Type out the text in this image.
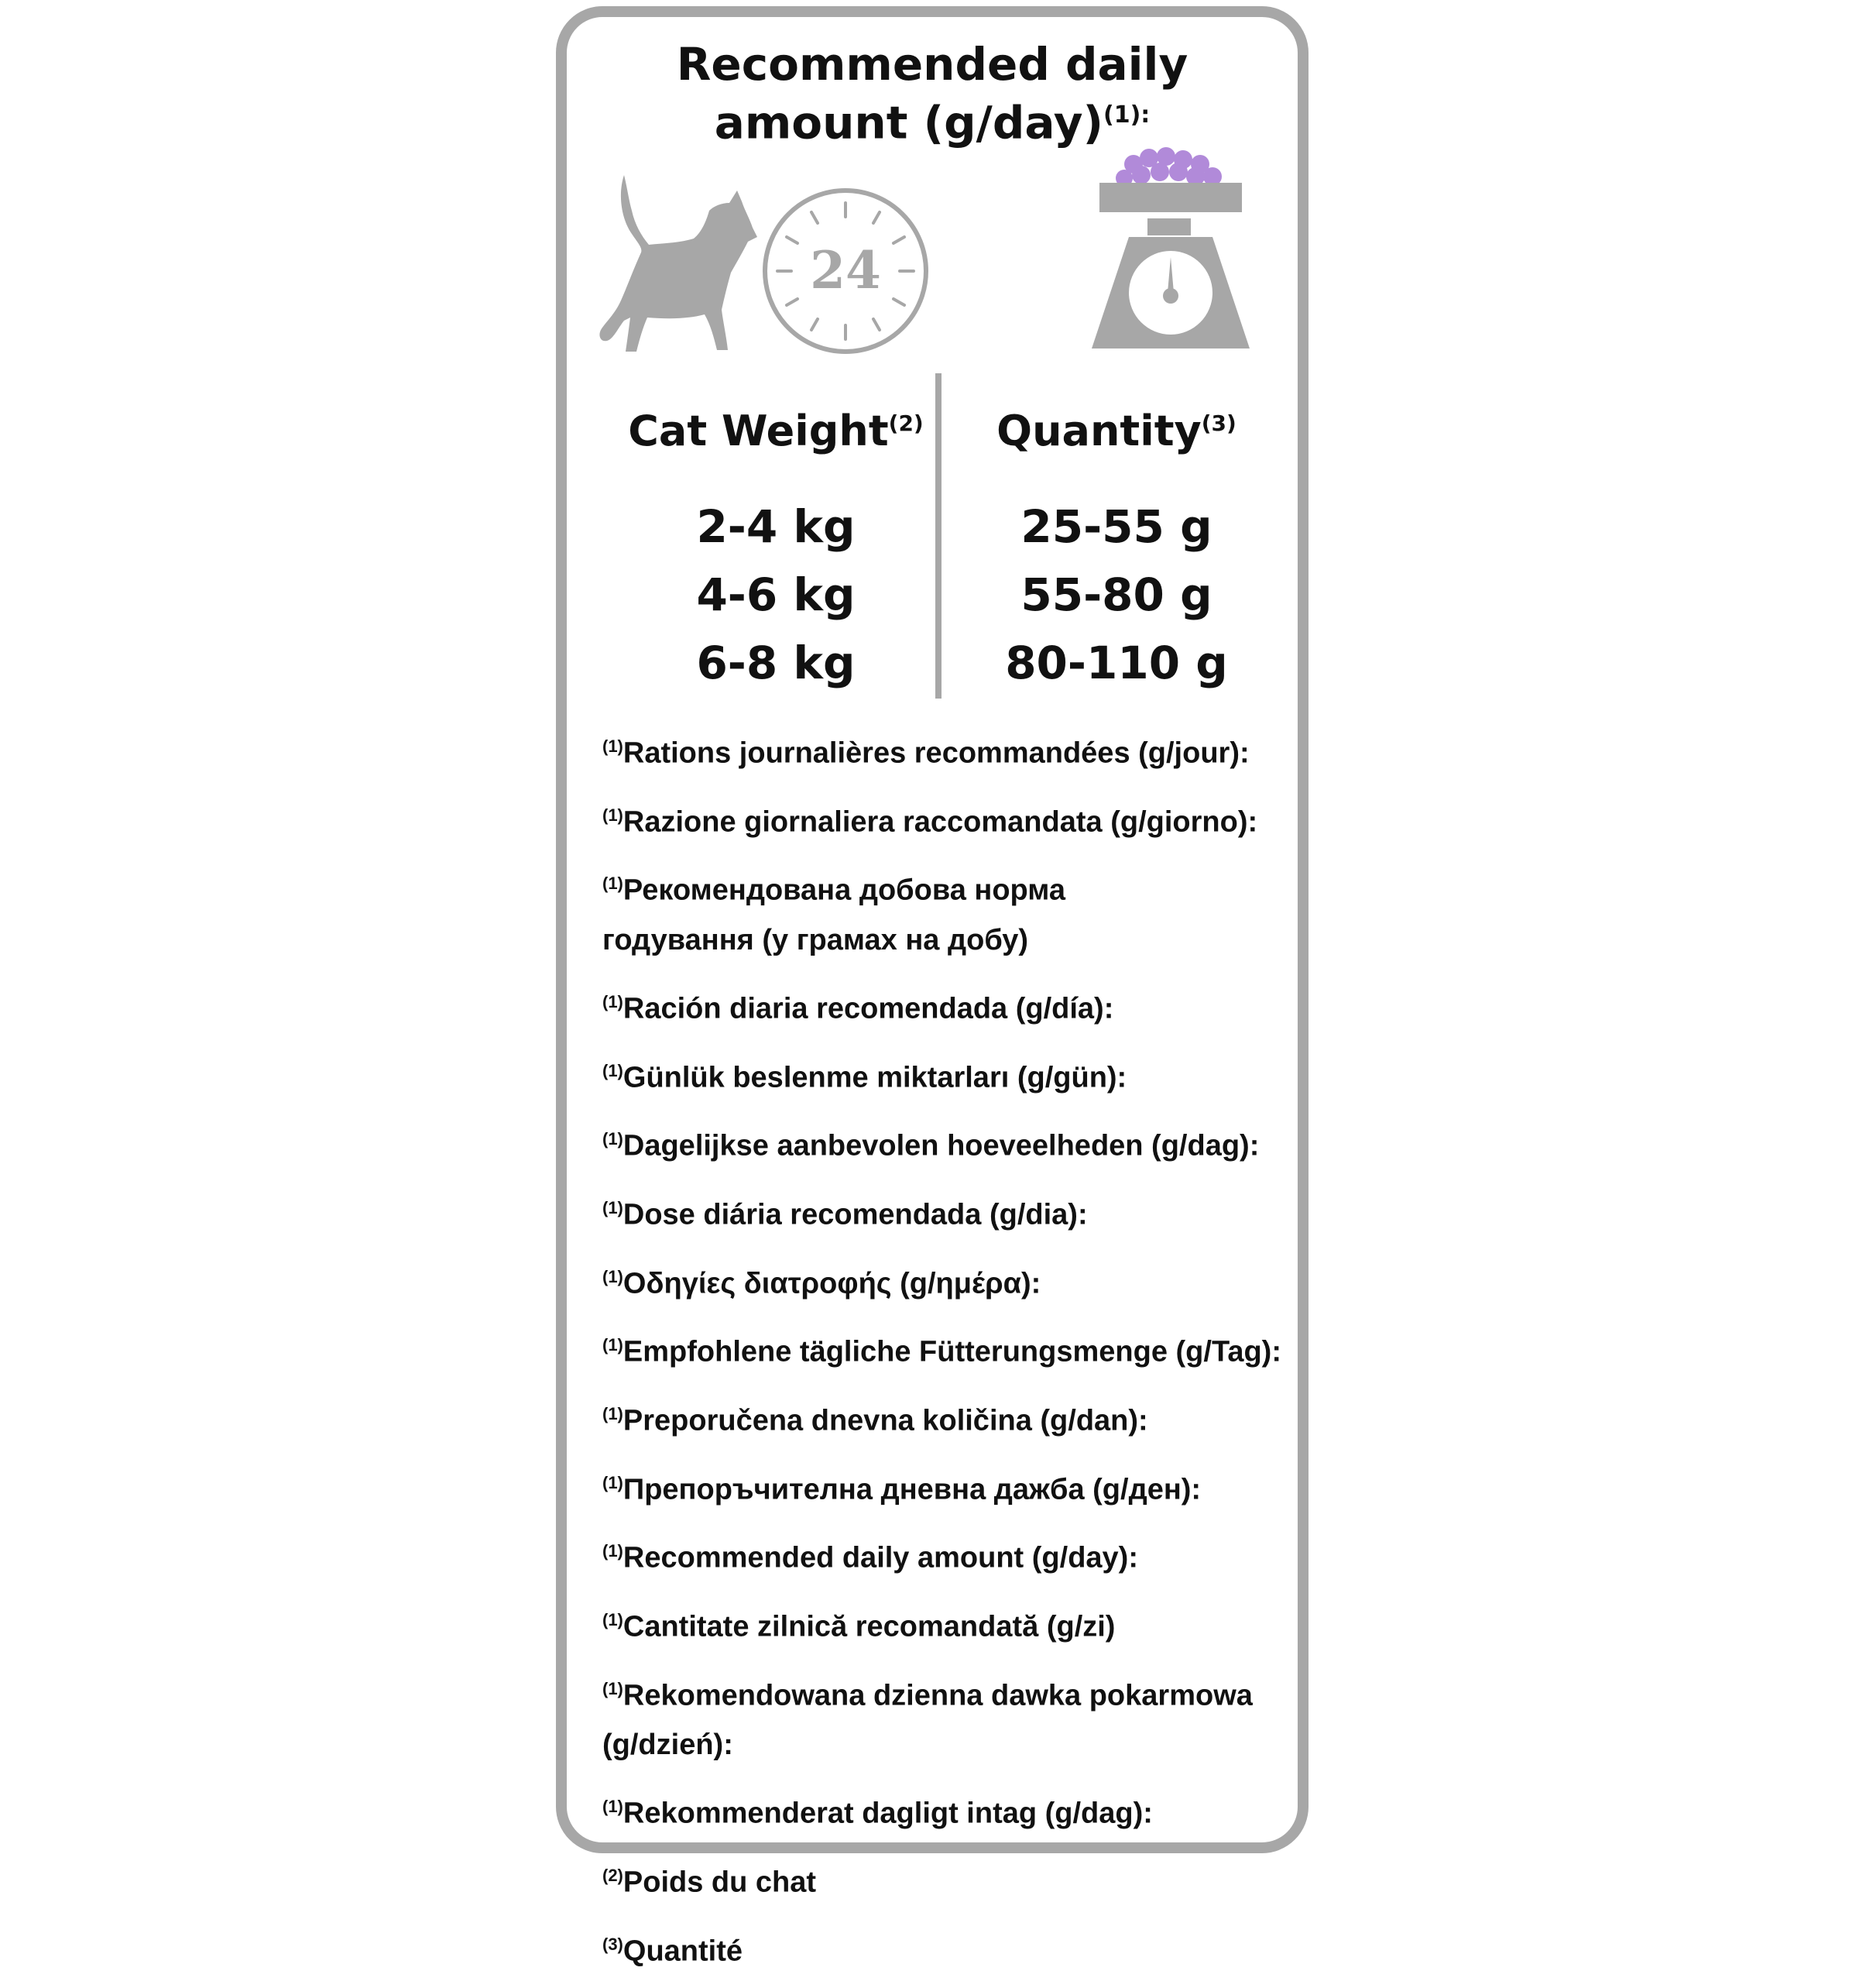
Recommended daily
amount $(g/day)^{(1):}$
24
Cat Weight$^{(2)}$
2-4 kg
4-6 kg
6-8 kg
Quantity$^{(3)}$
25-55 g
55-80 g
80-110 g
$^{(1)}$Rations journalières recommandées (g/jour):
$^{(1)}$Razione giornaliera raccomandata (g/giorno):
$^{(1)}$Рекомендована добова норма годування (у грамах на добу)
$^{(1)}$Ración diaria recomendada (g/día):
$^{(1)}$Günlük beslenme miktarları (g/gün):
$^{(1)}$Dagelijkse aanbevolen hoeveelheden (g/dag):
$^{(1)}$Dose diária recomendada (g/dia):
$^{(1)}$Οδηγίες διατροφής (g/ημέρα):
$^{(1)}$Empfohlene tägliche Fütterungsmenge (g/Tag):
$^{(1)}$Preporučena dnevna količina (g/dan):
$^{(1)}$Препоръчителна дневна дажба (g/ден):
$^{(1)}$Recommended daily amount (g/day):
$^{(1)}$Cantitate zilnică recomandată (g/zi)
$^{(1)}$Rekomendowana dzienna dawka pokarmowa (g/dzień):
$^{(1)}$Rekommenderat dagligt intag (g/dag):
$^{(2)}$Poids du chat
$^{(3)}$Quantité
